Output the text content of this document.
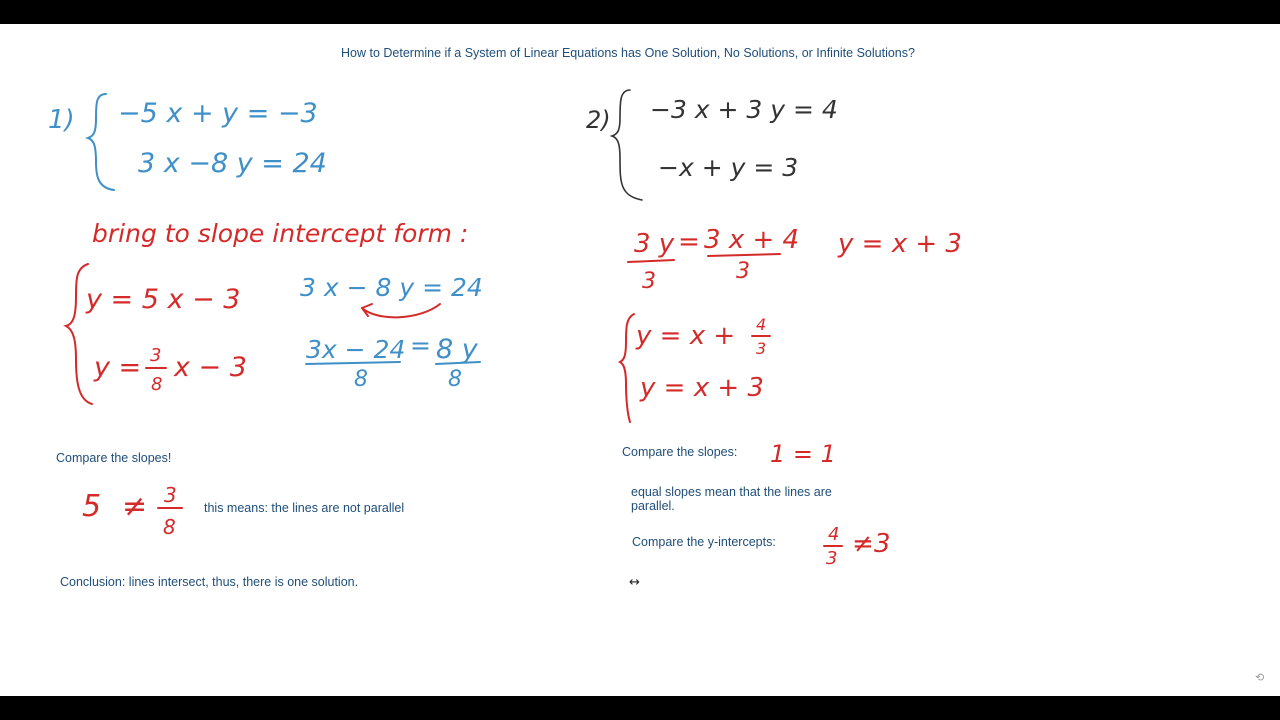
How to Determine if a System of Linear Equations has One Solution, No Solutions, or Infinite Solutions?
1) −5 x + y = −3
3 x −8 y = 24
bring to slope intercept form :
y = 5 x − 3
y = 3
8
x − 3
3 x − 8 y = 24
3x − 24
8
= 8 y
8
5 ≠ 3
8
2) −3 x + 3 y = 4
−x + y = 3
3 y
3
= 3 x + 4
3
y = x + 3
y = x + 4
3
y = x + 3
1 = 1
4
3 ≠ 3
Compare the slopes!
this means: the lines are not parallel
Conclusion: lines intersect, thus, there is one solution.
Compare the slopes:
equal slopes mean that the lines are
parallel.
Compare the y-intercepts:
↔
⟲
